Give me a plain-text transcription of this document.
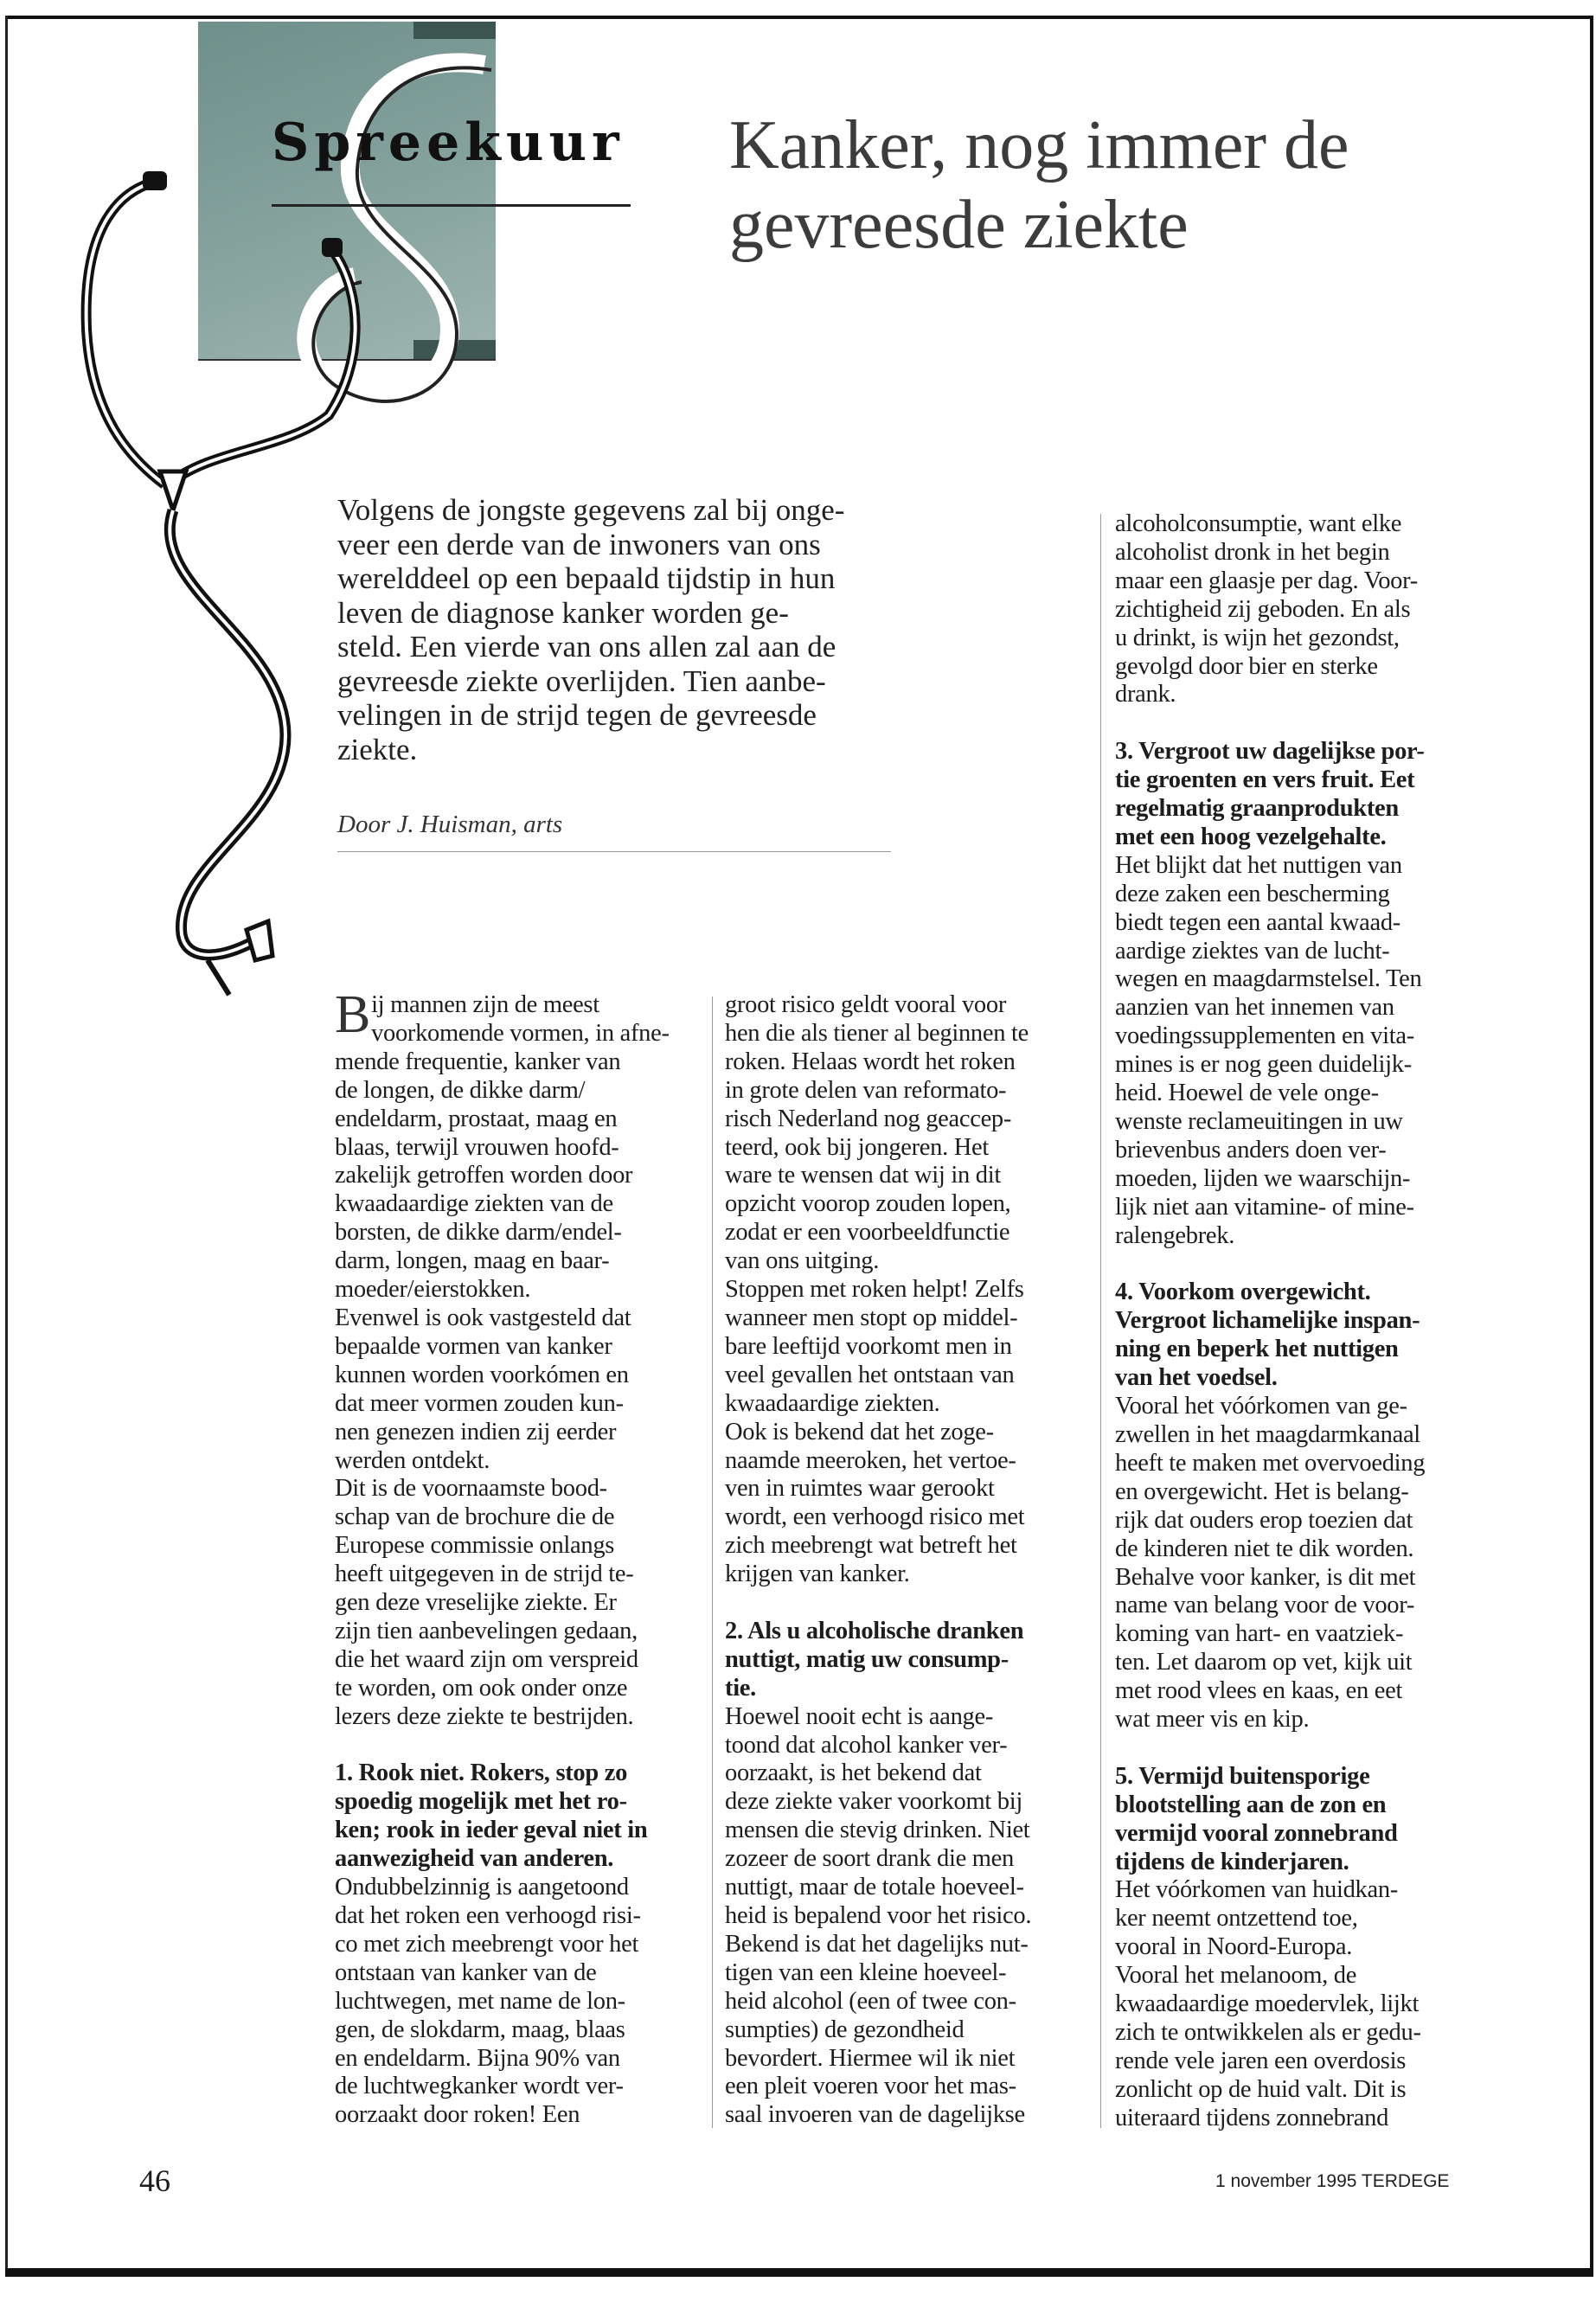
Spreekuur Kanker, nog immer de
gevreesde ziekte
Volgens de jongste gegevens zal bij onge-
veer een derde van de inwoners van ons
werelddeel op een bepaald tijdstip in hun
leven de diagnose kanker worden ge-
steld. Een vierde van ons allen zal aan de
gevreesde ziekte overlijden. Tien aanbe-
velingen in de strijd tegen de gevreesde
ziekte.
Door J. Huisman, arts

Bij mannen zijn de meest
voorkomende vormen, in afne-
mende frequentie, kanker van
de longen, de dikke darm/
endeldarm, prostaat, maag en
blaas, terwijl vrouwen hoofd-
zakelijk getroffen worden door
kwaadaardige ziekten van de
borsten, de dikke darm/endel-
darm, longen, maag en baar-
moeder/eierstokken.

Evenwel is ook vastgesteld dat
bepaalde vormen van kanker
kunnen worden voorkómen en
dat meer vormen zouden kun-
nen genezen indien zij eerder
werden ontdekt.

Dit is de voornaamste bood-
schap van de brochure die de
Europese commissie onlangs
heeft uitgegeven in de strijd te-
gen deze vreselijke ziekte. Er
zijn tien aanbevelingen gedaan,
die het waard zijn om verspreid
te worden, om ook onder onze
lezers deze ziekte te bestrijden.

1. Rook niet. Rokers, stop zo
spoedig mogelijk met het ro-
ken; rook in ieder geval niet in
aanwezigheid van anderen.

Ondubbelzinnig is aangetoond
dat het roken een verhoogd risi-
co met zich meebrengt voor het
ontstaan van kanker van de
luchtwegen, met name de lon-
gen, de slokdarm, maag, blaas
en endeldarm. Bijna 90% van
de luchtwegkanker wordt ver-
oorzaakt door roken! Een

groot risico geldt vooral voor
hen die als tiener al beginnen te
roken. Helaas wordt het roken
in grote delen van reformato-
risch Nederland nog geaccep-
teerd, ook bij jongeren. Het
ware te wensen dat wij in dit
opzicht voorop zouden lopen,
zodat er een voorbeeldfunctie
van ons uitging.

Stoppen met roken helpt! Zelfs
wanneer men stopt op middel-
bare leeftijd voorkomt men in
veel gevallen het ontstaan van
kwaadaardige ziekten.

Ook is bekend dat het zoge-
naamde meeroken, het vertoe-
ven in ruimtes waar gerookt
wordt, een verhoogd risico met
zich meebrengt wat betreft het
krijgen van kanker.

2. Als u alcoholische dranken
nuttigt, matig uw consump-
tie.

Hoewel nooit echt is aange-
toond dat alcohol kanker ver-
oorzaakt, is het bekend dat
deze ziekte vaker voorkomt bij
mensen die stevig drinken. Niet
zozeer de soort drank die men
nuttigt, maar de totale hoeveel-
heid is bepalend voor het risico.
Bekend is dat het dagelijks nut-
tigen van een kleine hoeveel-
heid alcohol (een of twee con-
sumpties) de gezondheid
bevordert. Hiermee wil ik niet
een pleit voeren voor het mas-
saal invoeren van de dagelijkse

alcoholconsumptie, want elke
alcoholist dronk in het begin
maar een glaasje per dag. Voor-
zichtigheid zij geboden. En als
u drinkt, is wijn het gezondst,
gevolgd door bier en sterke
drank.

3. Vergroot uw dagelijkse por-
tie groenten en vers fruit. Eet
regelmatig graanprodukten
met een hoog vezelgehalte.

Het blijkt dat het nuttigen van
deze zaken een bescherming
biedt tegen een aantal kwaad-
aardige ziektes van de lucht-
wegen en maagdarmstelsel. Ten
aanzien van het innemen van
voedingssupplementen en vita-
mines is er nog geen duidelijk-
heid. Hoewel de vele onge-
wenste reclameuitingen in uw
brievenbus anders doen ver-
moeden, lijden we waarschijn-
lijk niet aan vitamine- of mine-
ralengebrek.

4. Voorkom overgewicht.
Vergroot lichamelijke inspan-
ning en beperk het nuttigen
van het voedsel.

Vooral het vóórkomen van ge-
zwellen in het maagdarmkanaal
heeft te maken met overvoeding
en overgewicht. Het is belang-
rijk dat ouders erop toezien dat
de kinderen niet te dik worden.
Behalve voor kanker, is dit met
name van belang voor de voor-
koming van hart- en vaatziek-
ten. Let daarom op vet, kijk uit
met rood vlees en kaas, en eet
wat meer vis en kip.

5. Vermijd buitensporige
blootstelling aan de zon en
vermijd vooral zonnebrand
tijdens de kinderjaren.

Het vóórkomen van huidkan-
ker neemt ontzettend toe,
vooral in Noord-Europa.
Vooral het melanoom, de
kwaadaardige moedervlek, lijkt
zich te ontwikkelen als er gedu-
rende vele jaren een overdosis
zonlicht op de huid valt. Dit is
uiteraard tijdens zonnebrand

46	1 november 1995 TERDEGE
